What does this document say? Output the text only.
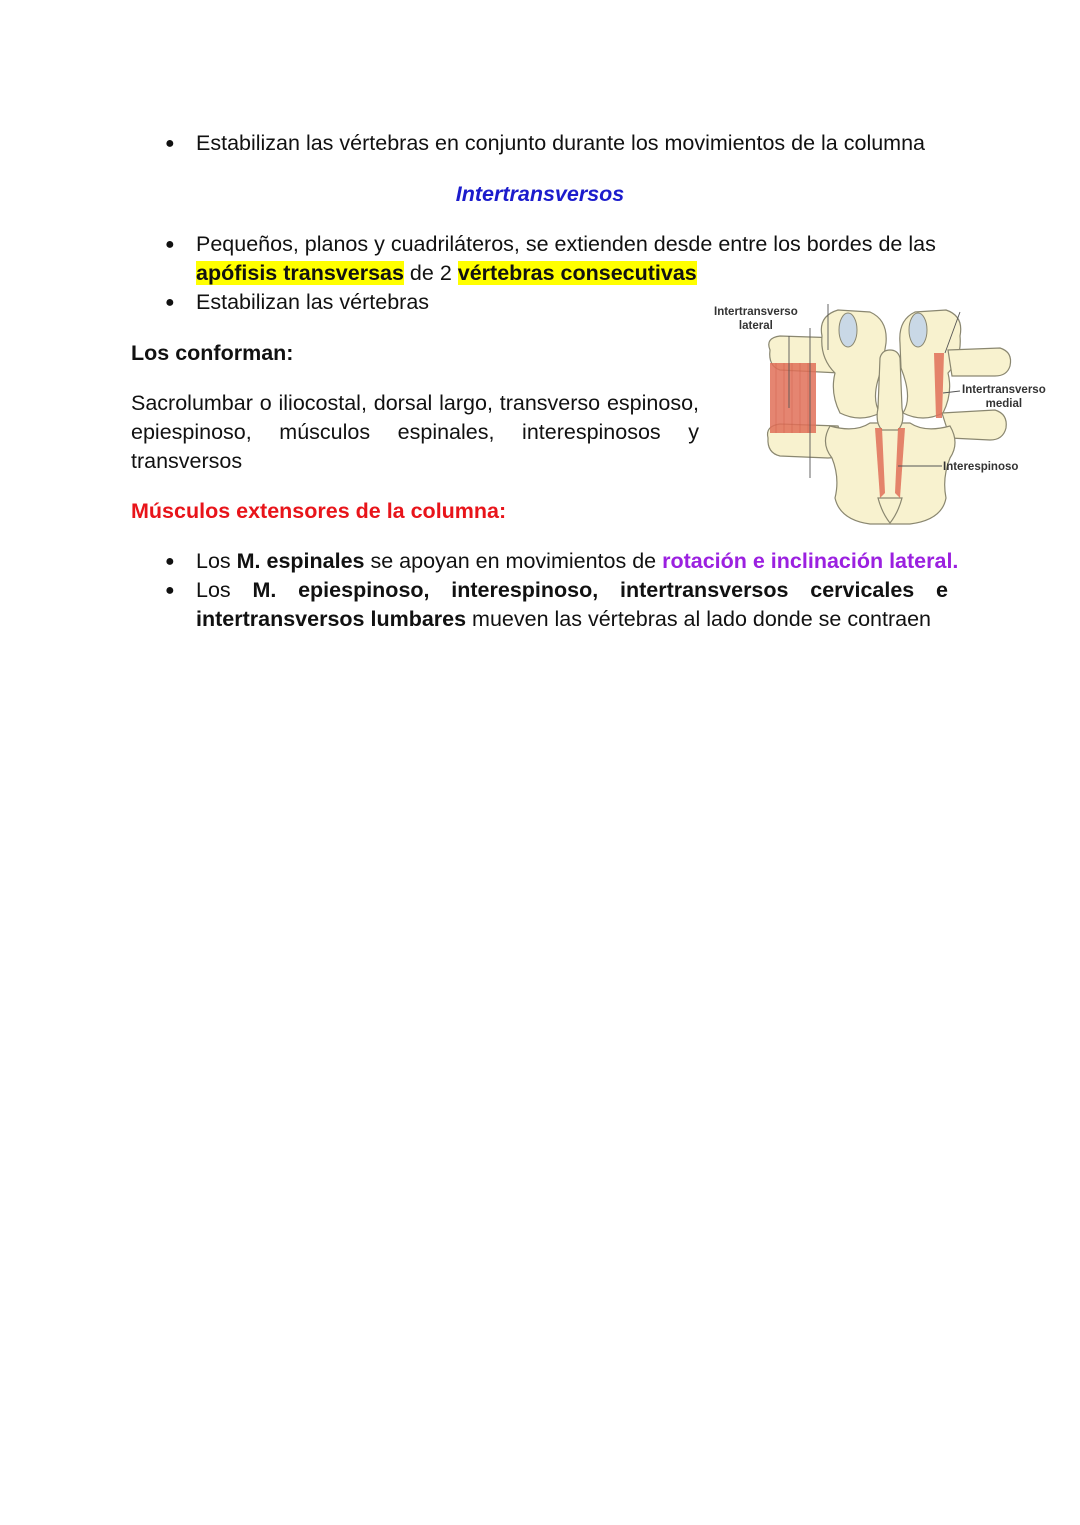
● Estabilizan las vértebras en conjunto durante los movimientos de la columna
Intertransversos
● Pequeños, planos y cuadriláteros, se extienden desde entre los bordes de las
apófisis transversas de 2 vértebras consecutivas
● Estabilizan las vértebras
Los conforman:
Sacrolumbar o iliocostal, dorsal largo, transverso espinoso, epiespinoso, músculos espinales, interespinosos y transversos
Músculos extensores de la columna:
● Los M. espinales se apoyan en movimientos de rotación e inclinación lateral.
● Los M. epiespinoso, interespinoso, intertransversos cervicales e
intertransversos lumbares mueven las vértebras al lado donde se contraen
Intertransverso
lateral
Intertransverso
medial
Interespinoso
